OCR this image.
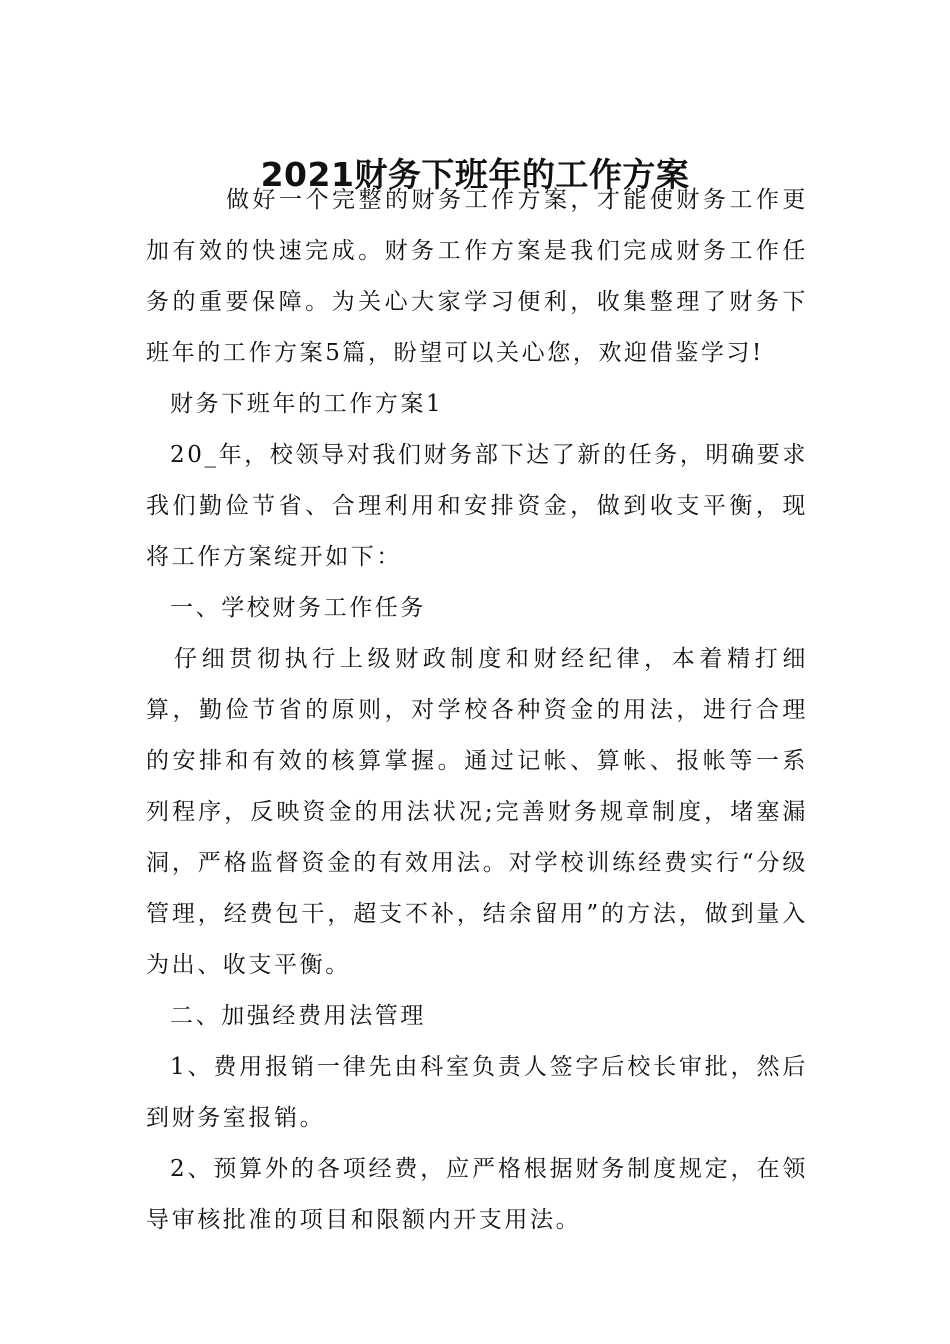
2021财务下班年的工作方案

做好一个完整的财务工作方案，才能使财务工作更加有效的快速完成。财务工作方案是我们完成财务工作任务的重要保障。为关心大家学习便利，收集整理了财务下班年的工作方案5篇，盼望可以关心您，欢迎借鉴学习!

财务下班年的工作方案1

20_年，校领导对我们财务部下达了新的任务，明确要求我们勤俭节省、合理利用和安排资金，做到收支平衡，现将工作方案绽开如下：

一、学校财务工作任务

仔细贯彻执行上级财政制度和财经纪律，本着精打细算，勤俭节省的原则，对学校各种资金的用法，进行合理的安排和有效的核算掌握。通过记帐、算帐、报帐等一系列程序，反映资金的用法状况;完善财务规章制度，堵塞漏洞，严格监督资金的有效用法。对学校训练经费实行“分级管理，经费包干，超支不补，结余留用”的方法，做到量入为出、收支平衡。

二、加强经费用法管理

1、费用报销一律先由科室负责人签字后校长审批，然后到财务室报销。

2、预算外的各项经费，应严格根据财务制度规定，在领导审核批准的项目和限额内开支用法。
